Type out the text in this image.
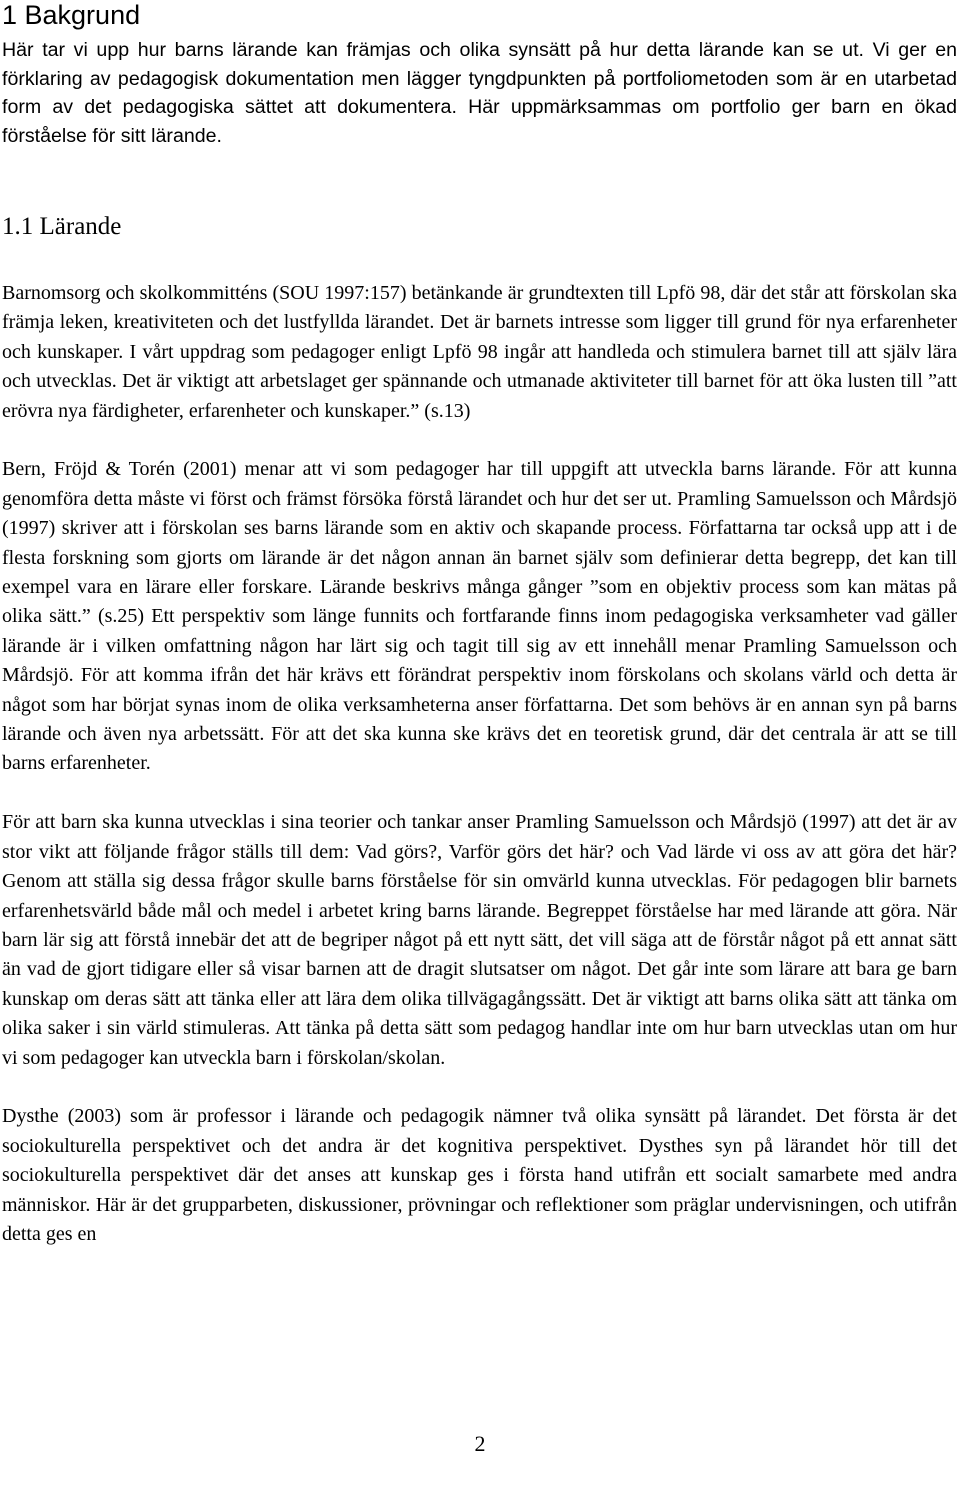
1 Bakgrund

Här tar vi upp hur barns lärande kan främjas och olika synsätt på hur detta lärande kan se ut. Vi ger en förklaring av pedagogisk dokumentation men lägger tyngdpunkten på portfoliometoden som är en utarbetad form av det pedagogiska sättet att dokumentera. Här uppmärksammas om portfolio ger barn en ökad förståelse för sitt lärande.

1.1 Lärande

Barnomsorg och skolkommitténs (SOU 1997:157) betänkande är grundtexten till Lpfö 98, där det står att förskolan ska främja leken, kreativiteten och det lustfyllda lärandet. Det är barnets intresse som ligger till grund för nya erfarenheter och kunskaper. I vårt uppdrag som pedagoger enligt Lpfö 98 ingår att handleda och stimulera barnet till att själv lära och utvecklas. Det är viktigt att arbetslaget ger spännande och utmanade aktiviteter till barnet för att öka lusten till ”att erövra nya färdigheter, erfarenheter och kunskaper.” (s.13)

Bern, Fröjd & Torén (2001) menar att vi som pedagoger har till uppgift att utveckla barns lärande. För att kunna genomföra detta måste vi först och främst försöka förstå lärandet och hur det ser ut. Pramling Samuelsson och Mårdsjö (1997) skriver att i förskolan ses barns lärande som en aktiv och skapande process. Författarna tar också upp att i de flesta forskning som gjorts om lärande är det någon annan än barnet själv som definierar detta begrepp, det kan till exempel vara en lärare eller forskare. Lärande beskrivs många gånger ”som en objektiv process som kan mätas på olika sätt.” (s.25) Ett perspektiv som länge funnits och fortfarande finns inom pedagogiska verksamheter vad gäller lärande är i vilken omfattning någon har lärt sig och tagit till sig av ett innehåll menar Pramling Samuelsson och Mårdsjö. För att komma ifrån det här krävs ett förändrat perspektiv inom förskolans och skolans värld och detta är något som har börjat synas inom de olika verksamheterna anser författarna. Det som behövs är en annan syn på barns lärande och även nya arbetssätt. För att det ska kunna ske krävs det en teoretisk grund, där det centrala är att se till barns erfarenheter.

För att barn ska kunna utvecklas i sina teorier och tankar anser Pramling Samuelsson och Mårdsjö (1997) att det är av stor vikt att följande frågor ställs till dem: Vad görs?, Varför görs det här? och Vad lärde vi oss av att göra det här? Genom att ställa sig dessa frågor skulle barns förståelse för sin omvärld kunna utvecklas. För pedagogen blir barnets erfarenhetsvärld både mål och medel i arbetet kring barns lärande. Begreppet förståelse har med lärande att göra. När barn lär sig att förstå innebär det att de begriper något på ett nytt sätt, det vill säga att de förstår något på ett annat sätt än vad de gjort tidigare eller så visar barnen att de dragit slutsatser om något. Det går inte som lärare att bara ge barn kunskap om deras sätt att tänka eller att lära dem olika tillvägagångssätt. Det är viktigt att barns olika sätt att tänka om olika saker i sin värld stimuleras. Att tänka på detta sätt som pedagog handlar inte om hur barn utvecklas utan om hur vi som pedagoger kan utveckla barn i förskolan/skolan.

Dysthe (2003) som är professor i lärande och pedagogik nämner två olika synsätt på lärandet. Det första är det sociokulturella perspektivet och det andra är det kognitiva perspektivet. Dysthes syn på lärandet hör till det sociokulturella perspektivet där det anses att kunskap ges i första hand utifrån ett socialt samarbete med andra människor. Här är det grupparbeten, diskussioner, prövningar och reflektioner som präglar undervisningen, och utifrån detta ges en

2
